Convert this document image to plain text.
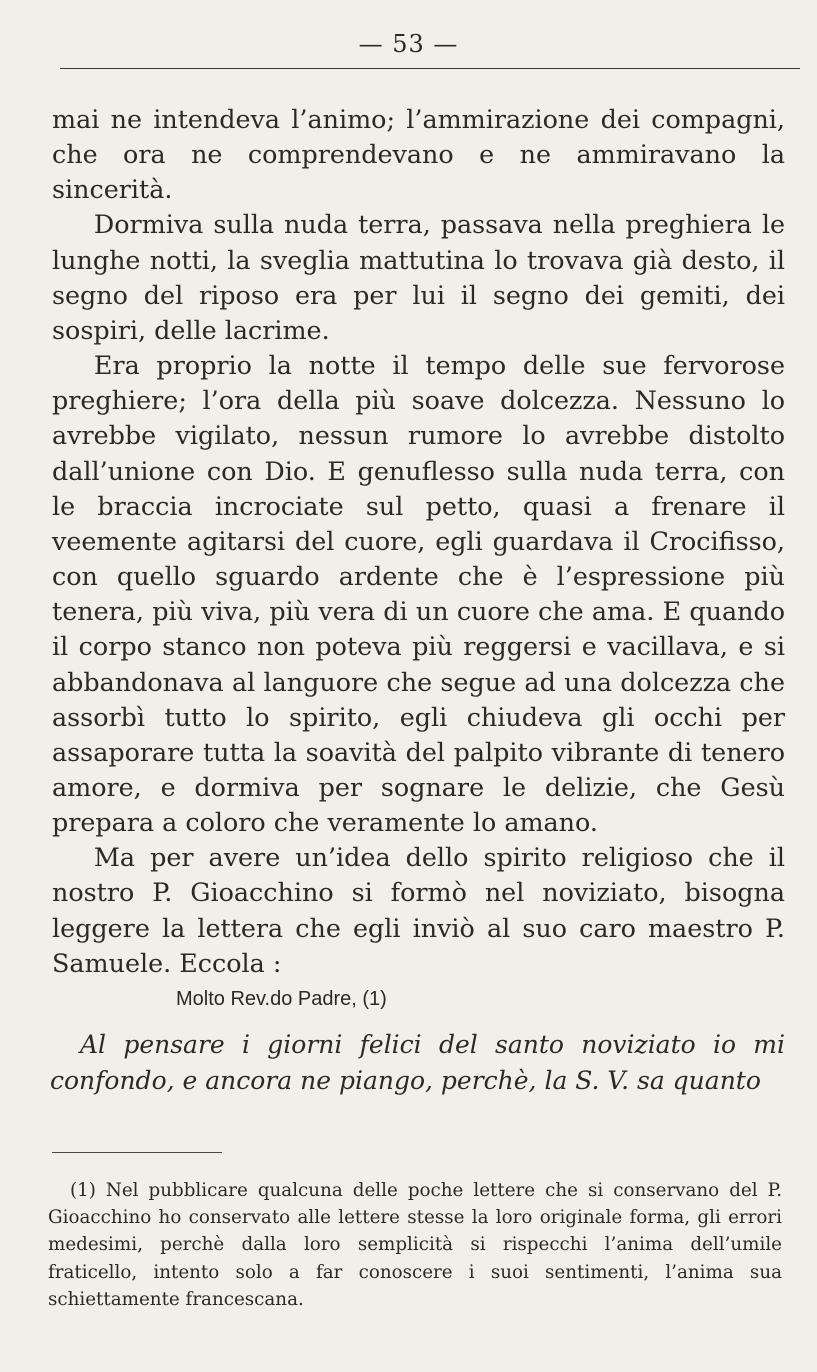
— 53 —

mai ne intendeva l’animo; l’ammirazione dei compagni, che ora ne comprendevano e ne ammiravano la sincerità.

Dormiva sulla nuda terra, passava nella preghiera le lunghe notti, la sveglia mattutina lo trovava già desto, il segno del riposo era per lui il segno dei gemiti, dei sospiri, delle lacrime.

Era proprio la notte il tempo delle sue fervorose preghiere; l’ora della più soave dolcezza. Nessuno lo avrebbe vigilato, nessun rumore lo avrebbe distolto dall’unione con Dio. E genuflesso sulla nuda terra, con le braccia incrociate sul petto, quasi a frenare il veemente agitarsi del cuore, egli guardava il Crocifisso, con quello sguardo ardente che è l’espressione più tenera, più viva, più vera di un cuore che ama. E quando il corpo stanco non poteva più reggersi e vacillava, e si abbandonava al languore che segue ad una dolcezza che assorbì tutto lo spirito, egli chiudeva gli occhi per assaporare tutta la soavità del palpito vibrante di tenero amore, e dormiva per sognare le delizie, che Gesù prepara a coloro che veramente lo amano.

Ma per avere un’idea dello spirito religioso che il nostro P. Gioacchino si formò nel noviziato, bisogna leggere la lettera che egli inviò al suo caro maestro P. Samuele. Eccola :

Molto Rev.do Padre, (1)

Al pensare i giorni felici del santo noviziato io mi confondo, e ancora ne piango, perchè, la S. V. sa quanto

(1) Nel pubblicare qualcuna delle poche lettere che si conservano del P. Gioacchino ho conservato alle lettere stesse la loro originale forma, gli errori medesimi, perchè dalla loro semplicità si rispecchi l’anima dell’umile fraticello, intento solo a far conoscere i suoi sentimenti, l’anima sua schiettamente francescana.
